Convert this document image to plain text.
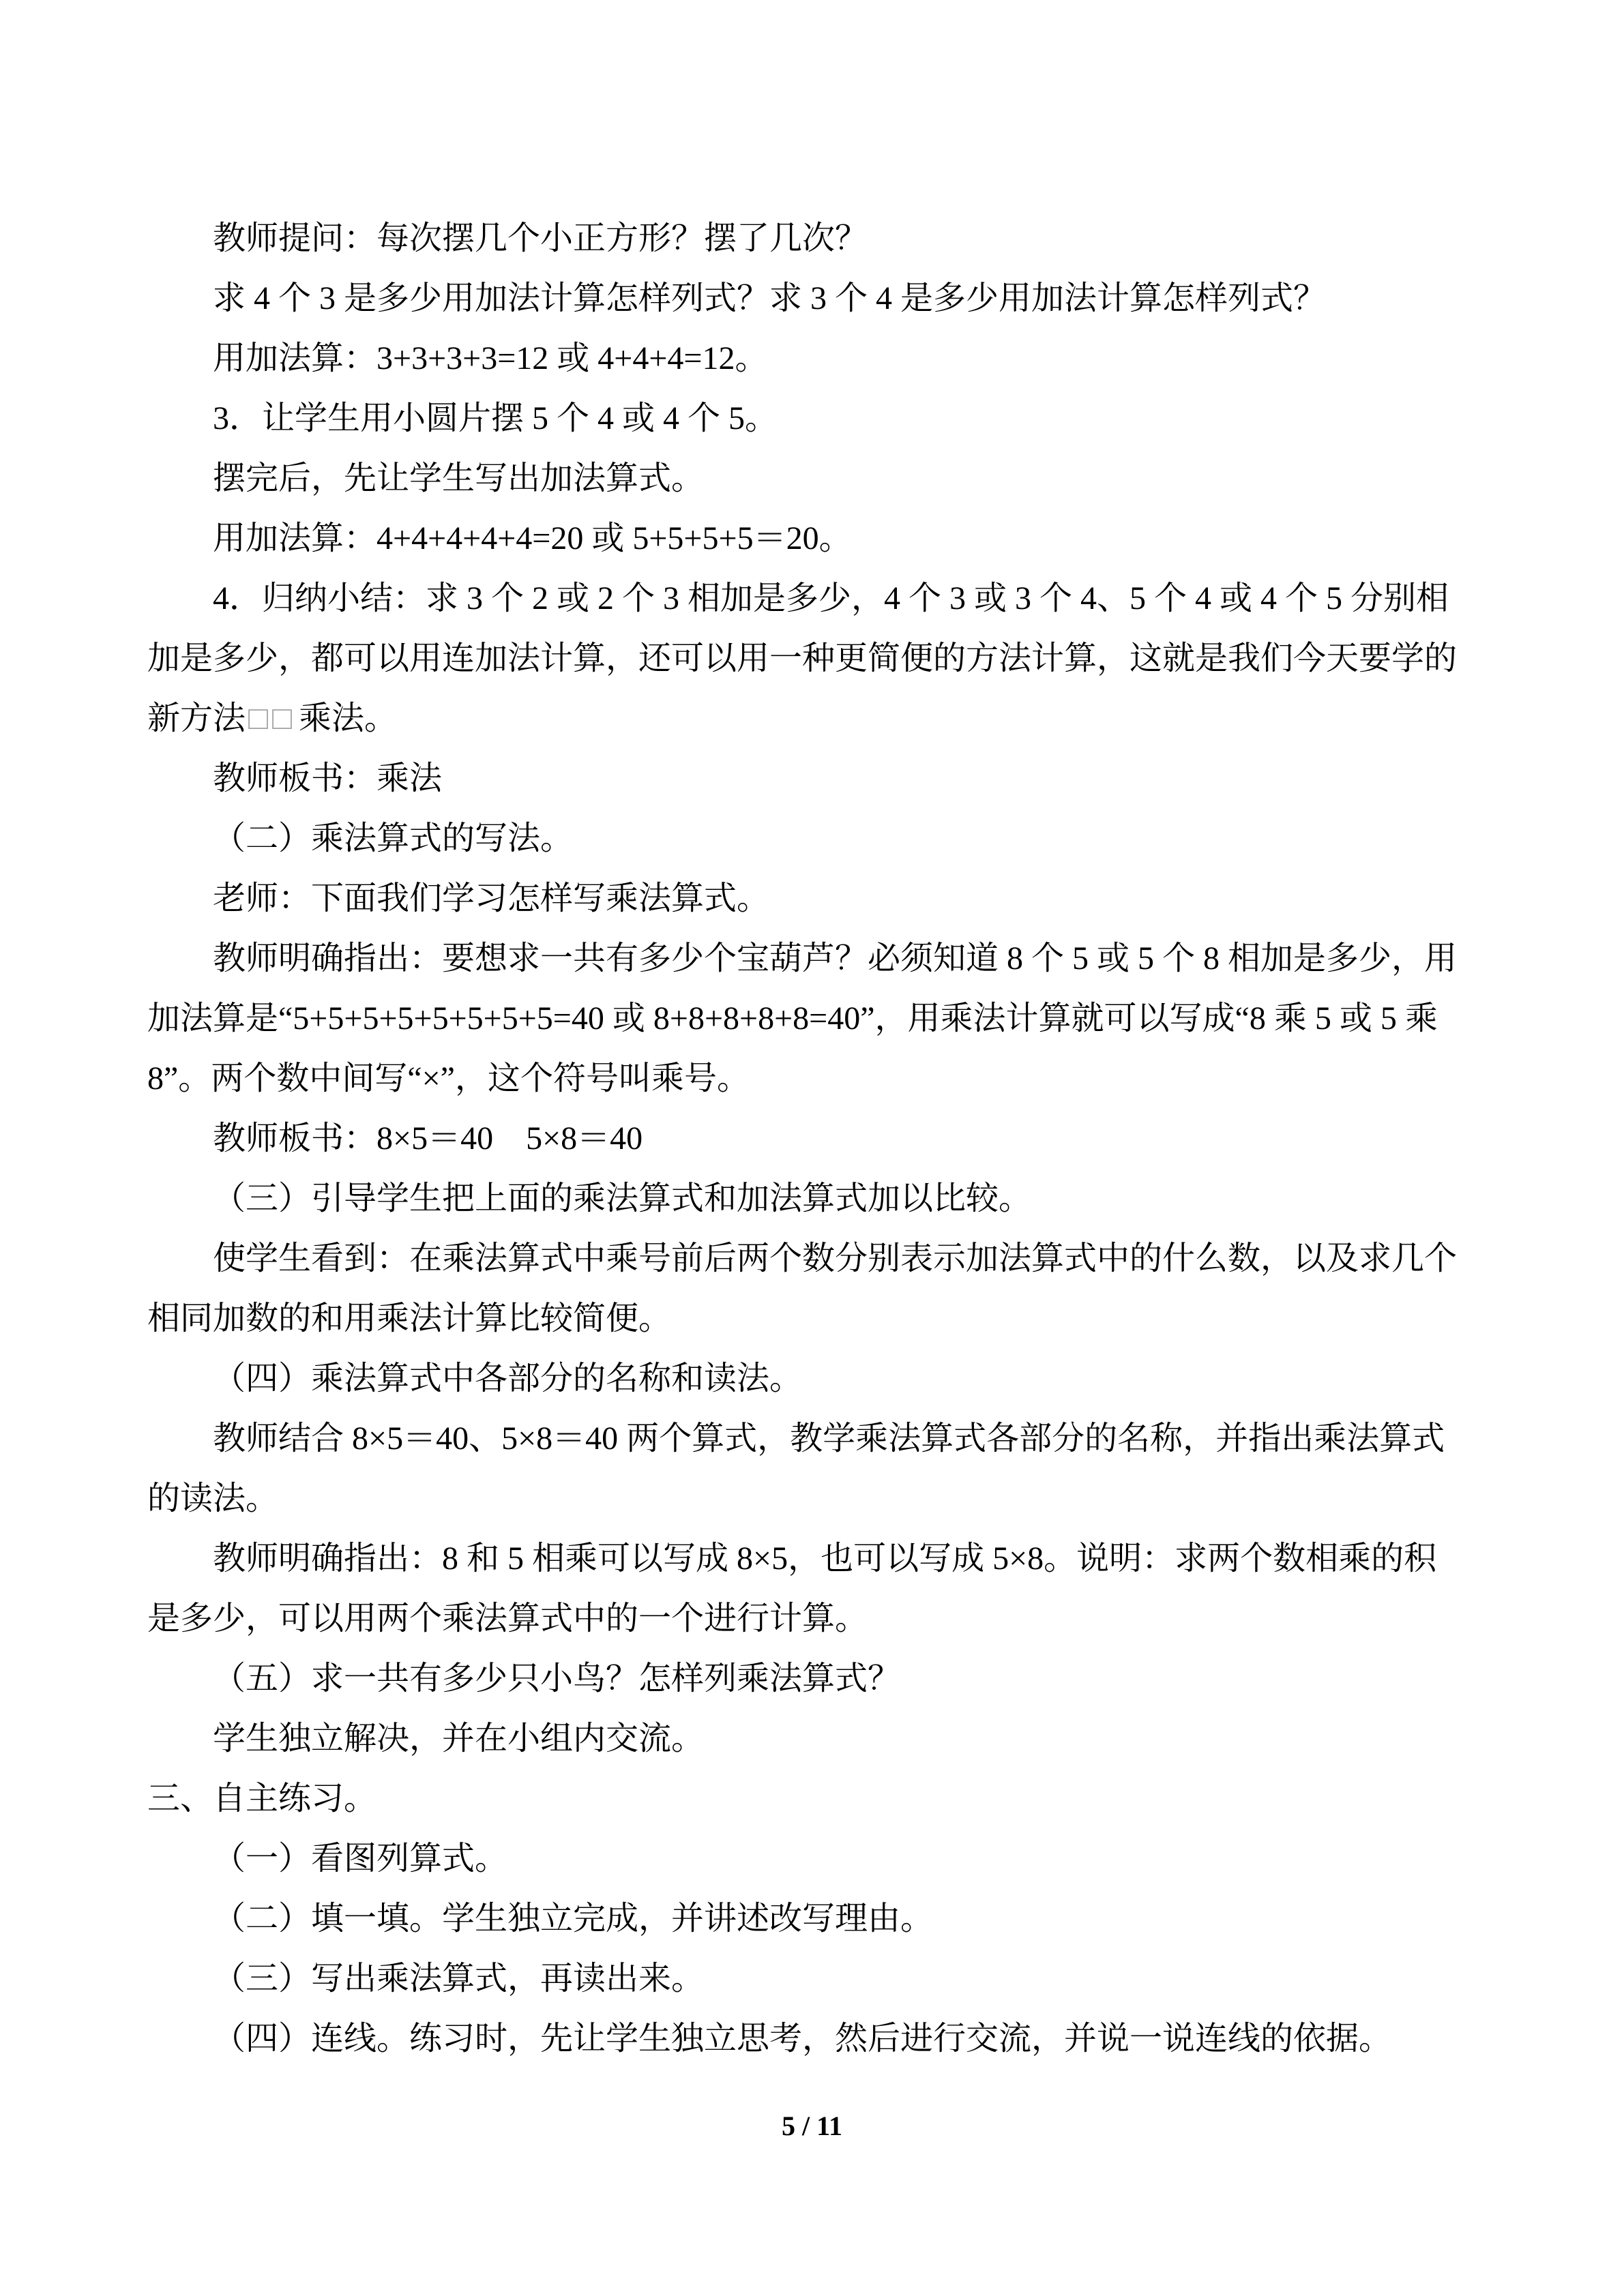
教师提问：每次摆几个小正方形？摆了几次？
求 4 个 3 是多少用加法计算怎样列式？求 3 个 4 是多少用加法计算怎样列式？
用加法算：3+3+3+3=12 或 4+4+4=12。
3．让学生用小圆片摆 5 个 4 或 4 个 5。
摆完后，先让学生写出加法算式。
用加法算：4+4+4+4+4=20 或 5+5+5+5＝20。
4．归纳小结：求 3 个 2 或 2 个 3 相加是多少，4 个 3 或 3 个 4、5 个 4 或 4 个 5 分别相
加是多少，都可以用连加法计算，还可以用一种更简便的方法计算，这就是我们今天要学的
新方法□□乘法。
教师板书：乘法
（二）乘法算式的写法。
老师：下面我们学习怎样写乘法算式。
教师明确指出：要想求一共有多少个宝葫芦？必须知道 8 个 5 或 5 个 8 相加是多少，用
加法算是“5+5+5+5+5+5+5+5=40 或 8+8+8+8+8=40”，用乘法计算就可以写成“8 乘 5 或 5 乘
8”。两个数中间写“×”，这个符号叫乘号。
教师板书：8×5＝40　5×8＝40
（三）引导学生把上面的乘法算式和加法算式加以比较。
使学生看到：在乘法算式中乘号前后两个数分别表示加法算式中的什么数，以及求几个
相同加数的和用乘法计算比较简便。
（四）乘法算式中各部分的名称和读法。
教师结合 8×5＝40、5×8＝40 两个算式，教学乘法算式各部分的名称，并指出乘法算式
的读法。
教师明确指出：8 和 5 相乘可以写成 8×5，也可以写成 5×8。说明：求两个数相乘的积
是多少，可以用两个乘法算式中的一个进行计算。
（五）求一共有多少只小鸟？怎样列乘法算式？
学生独立解决，并在小组内交流。
三、自主练习。
（一）看图列算式。
（二）填一填。学生独立完成，并讲述改写理由。
（三）写出乘法算式，再读出来。
（四）连线。练习时，先让学生独立思考，然后进行交流，并说一说连线的依据。
5 / 11
